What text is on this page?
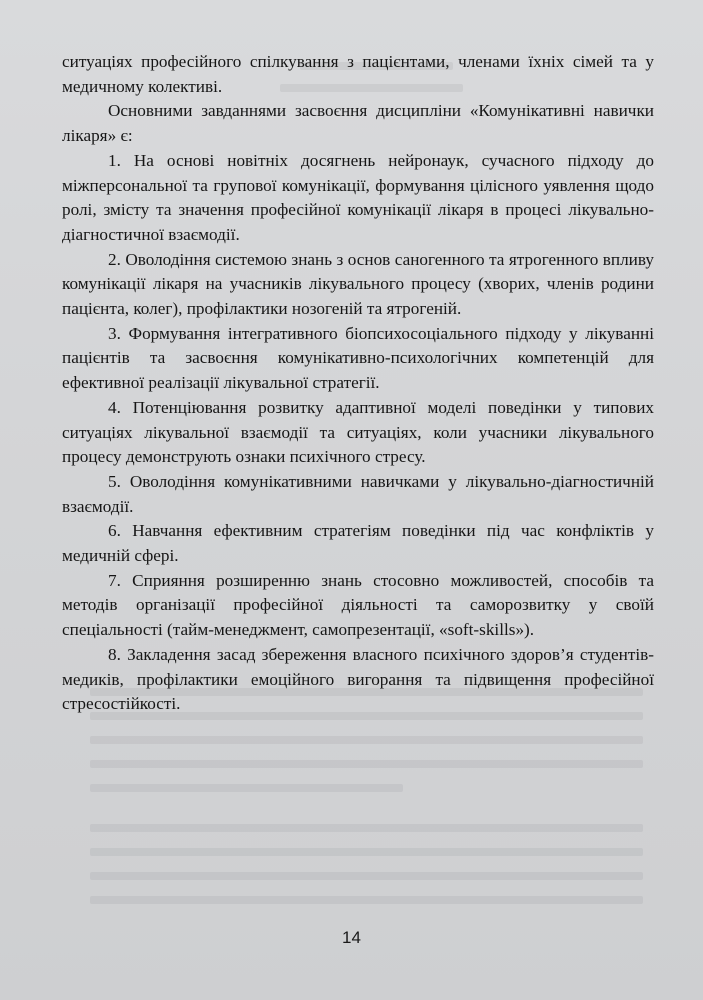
ситуаціях професійного спілкування з пацієнтами, членами їхніх сімей та у медичному колективі.

Основними завданнями засвоєння дисципліни «Комунікативні навички лікаря» є:

1. На основі новітніх досягнень нейронаук, сучасного підходу до міжперсональної та групової комунікації, формування цілісного уявлення щодо ролі, змісту та значення професійної комунікації лікаря в процесі лікувально-діагностичної взаємодії.

2. Оволодіння системою знань з основ саногенного та ятрогенного впливу комунікації лікаря на учасників лікувального процесу (хворих, членів родини пацієнта, колег), профілактики нозогеній та ятрогеній.

3. Формування інтегративного біопсихосоціального підходу у лікуванні пацієнтів та засвоєння комунікативно-психологічних компетенцій для ефективної реалізації лікувальної стратегії.

4. Потенціювання розвитку адаптивної моделі поведінки у типових ситуаціях лікувальної взаємодії та ситуаціях, коли учасники лікувального процесу демонструють ознаки психічного стресу.

5. Оволодіння комунікативними навичками у лікувально-діагностичній взаємодії.

6. Навчання ефективним стратегіям поведінки під час конфліктів у медичній сфері.

7. Сприяння розширенню знань стосовно можливостей, способів та методів організації професійної діяльності та саморозвитку у своїй спеціальності (тайм-менеджмент, самопрезентації, «soft-skills»).

8. Закладення засад збереження власного психічного здоров’я студентів-медиків, профілактики емоційного вигорання та підвищення професійної стресостійкості.

14
